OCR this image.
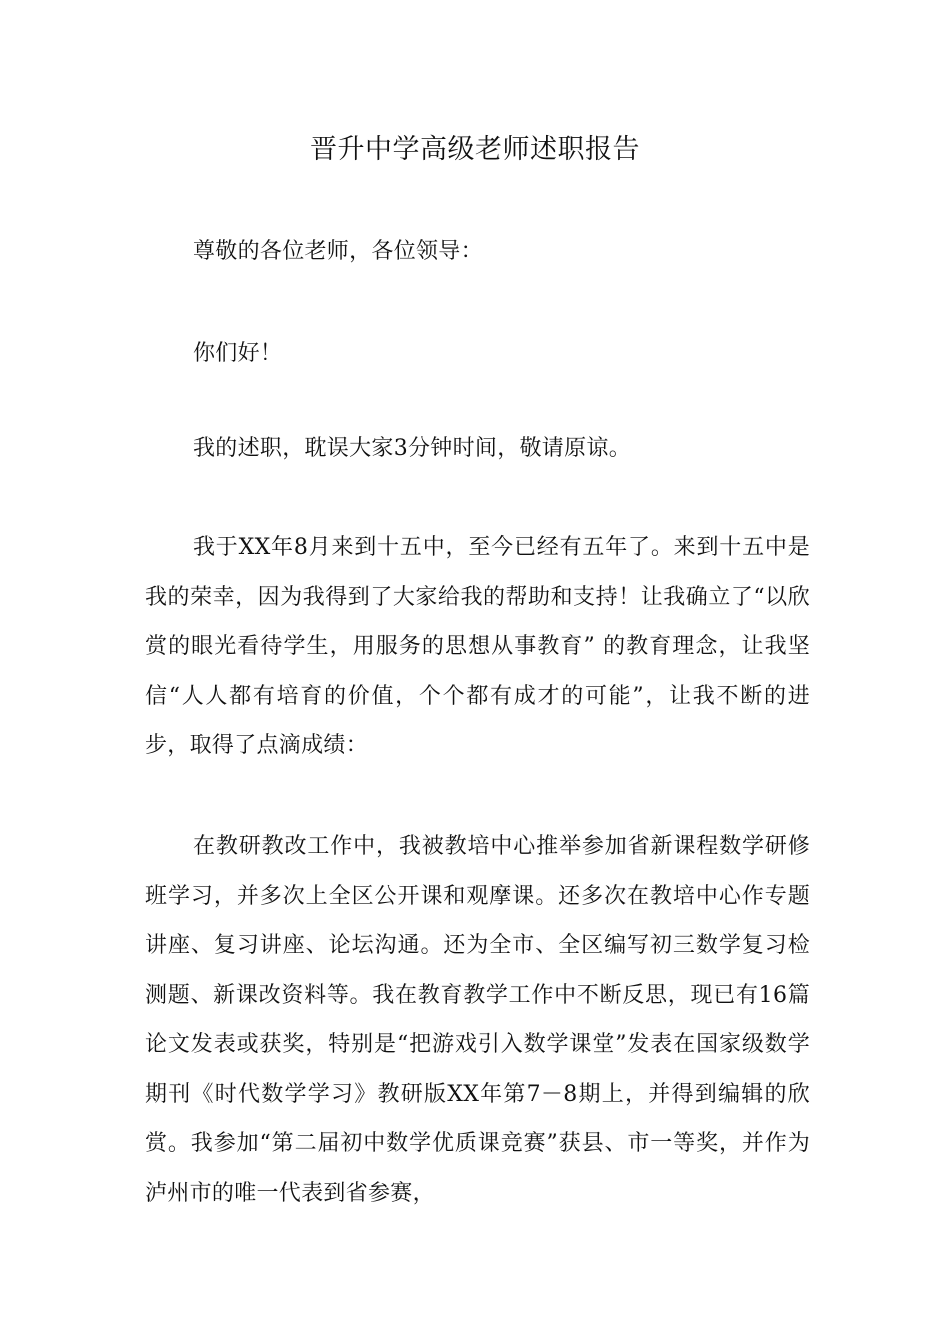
晋升中学高级老师述职报告

尊敬的各位老师，各位领导：

你们好！

我的述职，耽误大家3分钟时间，敬请原谅。

我于XX年8月来到十五中，至今已经有五年了。来到十五中是我的荣幸，因为我得到了大家给我的帮助和支持！让我确立了“以欣赏的眼光看待学生，用服务的思想从事教育” 的教育理念，让我坚信“人人都有培育的价值，个个都有成才的可能”，让我不断的进步，取得了点滴成绩：

在教研教改工作中，我被教培中心推举参加省新课程数学研修班学习，并多次上全区公开课和观摩课。还多次在教培中心作专题讲座、复习讲座、论坛沟通。还为全市、全区编写初三数学复习检测题、新课改资料等。我在教育教学工作中不断反思，现已有16篇论文发表或获奖，特别是“把游戏引入数学课堂”发表在国家级数学期刊《时代数学学习》教研版XX年第7－8期上，并得到编辑的欣赏。我参加“第二届初中数学优质课竞赛”获县、市一等奖，并作为泸州市的唯一代表到省参赛，
